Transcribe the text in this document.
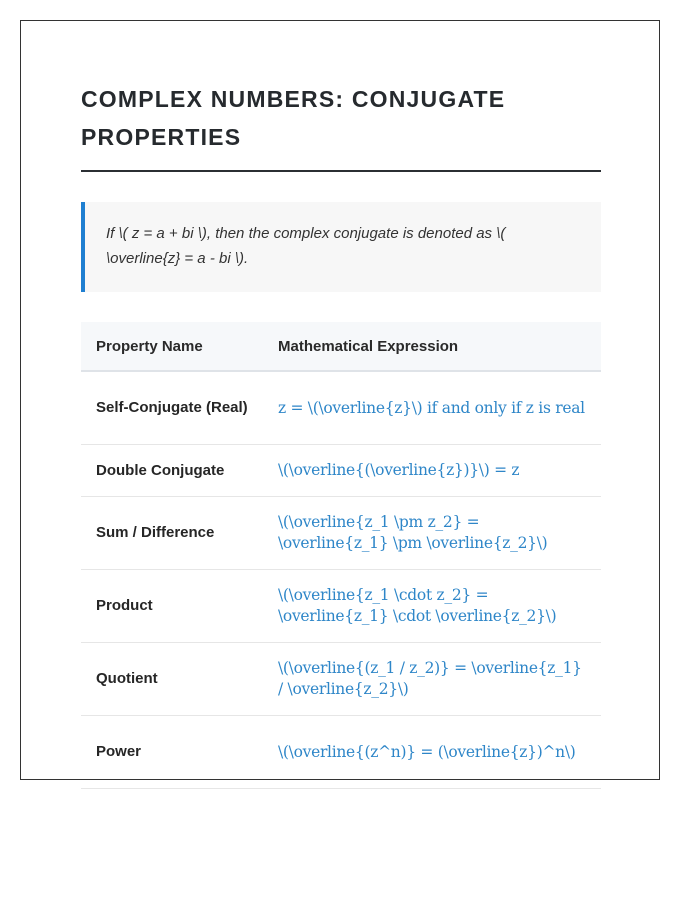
COMPLEX NUMBERS: CONJUGATE PROPERTIES
If \( z = a + bi \), then the complex conjugate is denoted as \( \overline{z} = a - bi \).
Property Name	Mathematical Expression
Self-Conjugate (Real)	z = \(\overline{z}\) if and only if z is real
Double Conjugate	\(\overline{(\overline{z})}\) = z
Sum / Difference	\(\overline{z_1 \pm z_2} = \overline{z_1} \pm \overline{z_2}\)
Product	\(\overline{z_1 \cdot z_2} = \overline{z_1} \cdot \overline{z_2}\)
Quotient	\(\overline{(z_1 / z_2)} = \overline{z_1} / \overline{z_2}\)
Power	\(\overline{(z^n)} = (\overline{z})^n\)
